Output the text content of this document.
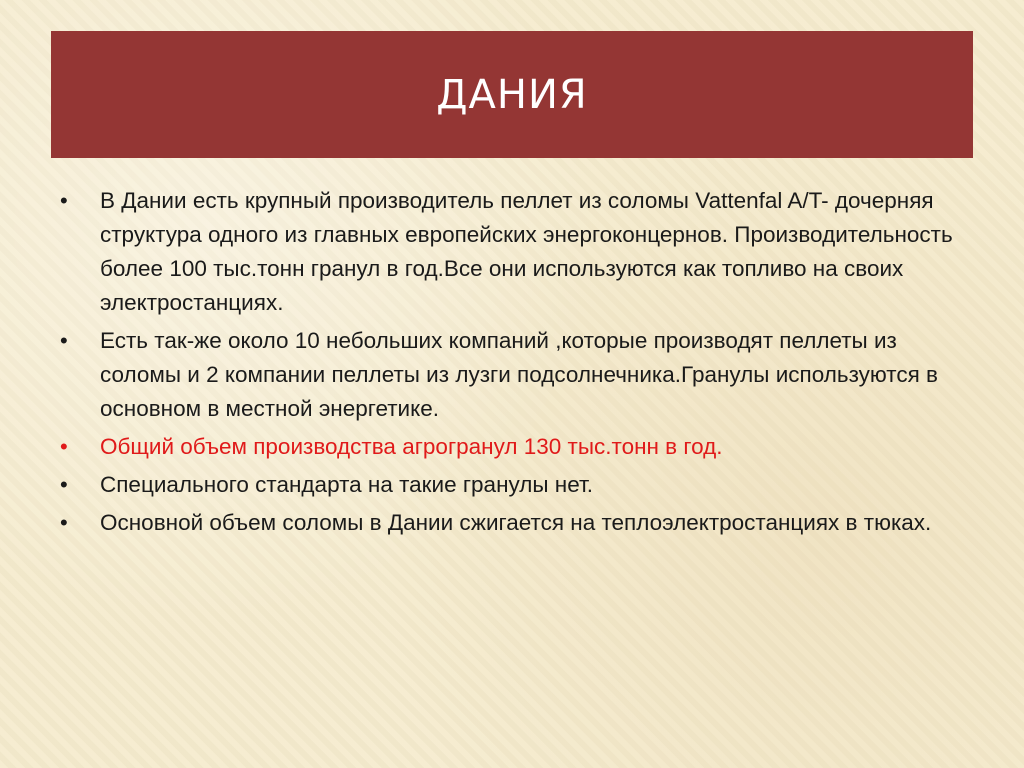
ДАНИЯ
• В Дании есть крупный производитель пеллет из соломы Vattenfal A/T- дочерняя структура одного из главных европейских энергоконцернов. Производительность более 100 тыс.тонн гранул в год.Все они используются как топливо на своих электростанциях.
• Есть так-же около 10 небольших компаний ,которые производят пеллеты из соломы и 2 компании пеллеты из лузги подсолнечника.Гранулы используются в основном в местной энергетике.
• Общий объем производства агрогранул 130 тыс.тонн в год.
• Специального стандарта на такие гранулы нет.
• Основной объем соломы в Дании сжигается на теплоэлектростанциях в тюках.
